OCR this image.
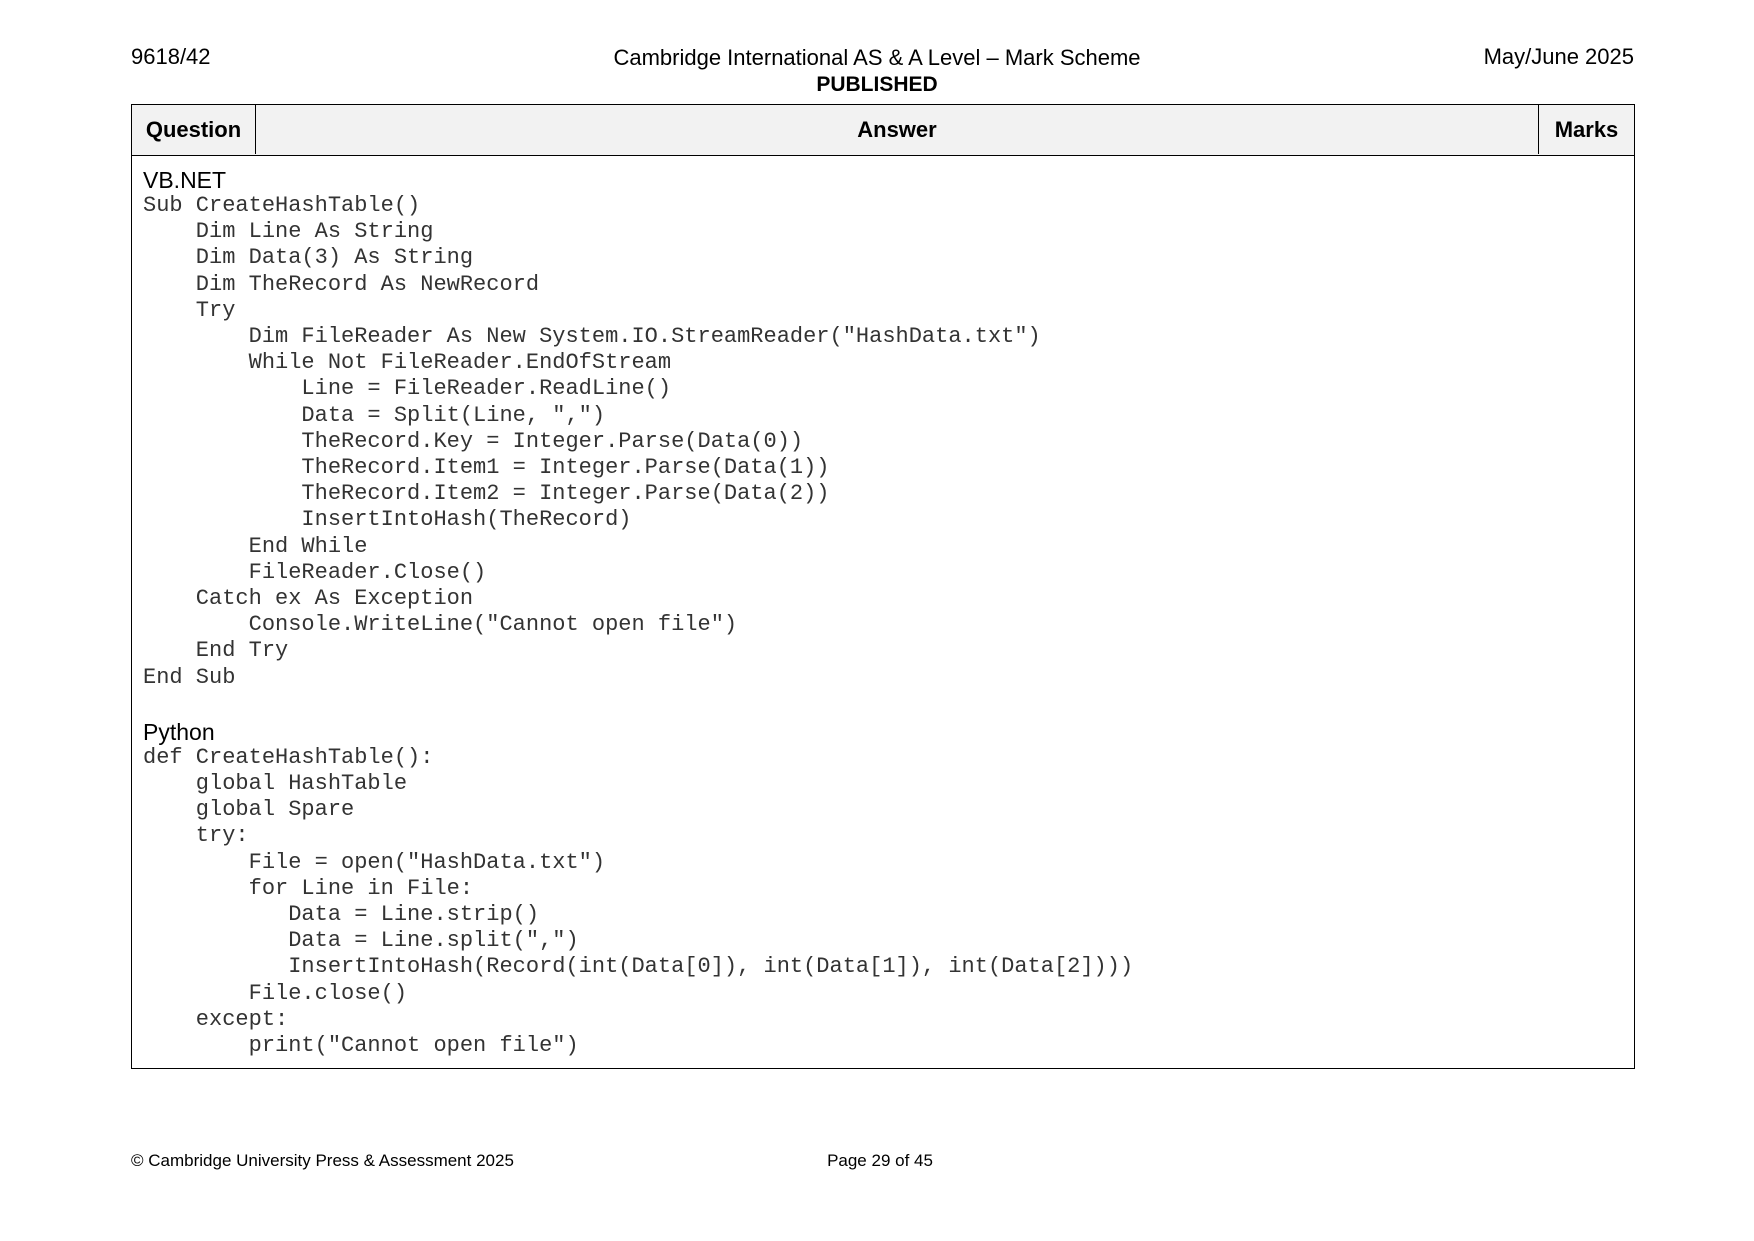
9618/42	Cambridge International AS & A Level – Mark Scheme
PUBLISHED
May/June 2025
Question	Answer	Marks
VB.NET
Sub CreateHashTable()
Dim Line As String
Dim Data(3) As String
Dim TheRecord As NewRecord
Try
Dim FileReader As New System.IO.StreamReader("HashData.txt")
While Not FileReader.EndOfStream
Line = FileReader.ReadLine()
Data = Split(Line, ",")
TheRecord.Key = Integer.Parse(Data(0))
TheRecord.Item1 = Integer.Parse(Data(1))
TheRecord.Item2 = Integer.Parse(Data(2))
InsertIntoHash(TheRecord)
End While
FileReader.Close()
Catch ex As Exception
Console.WriteLine("Cannot open file")
End Try
End Sub
Python
def CreateHashTable():
global HashTable
global Spare
try:
File = open("HashData.txt")
for Line in File:
Data = Line.strip()
Data = Line.split(",")
InsertIntoHash(Record(int(Data[0]), int(Data[1]), int(Data[2])))
File.close()
except:
print("Cannot open file")
© Cambridge University Press & Assessment 2025	Page 29 of 45
